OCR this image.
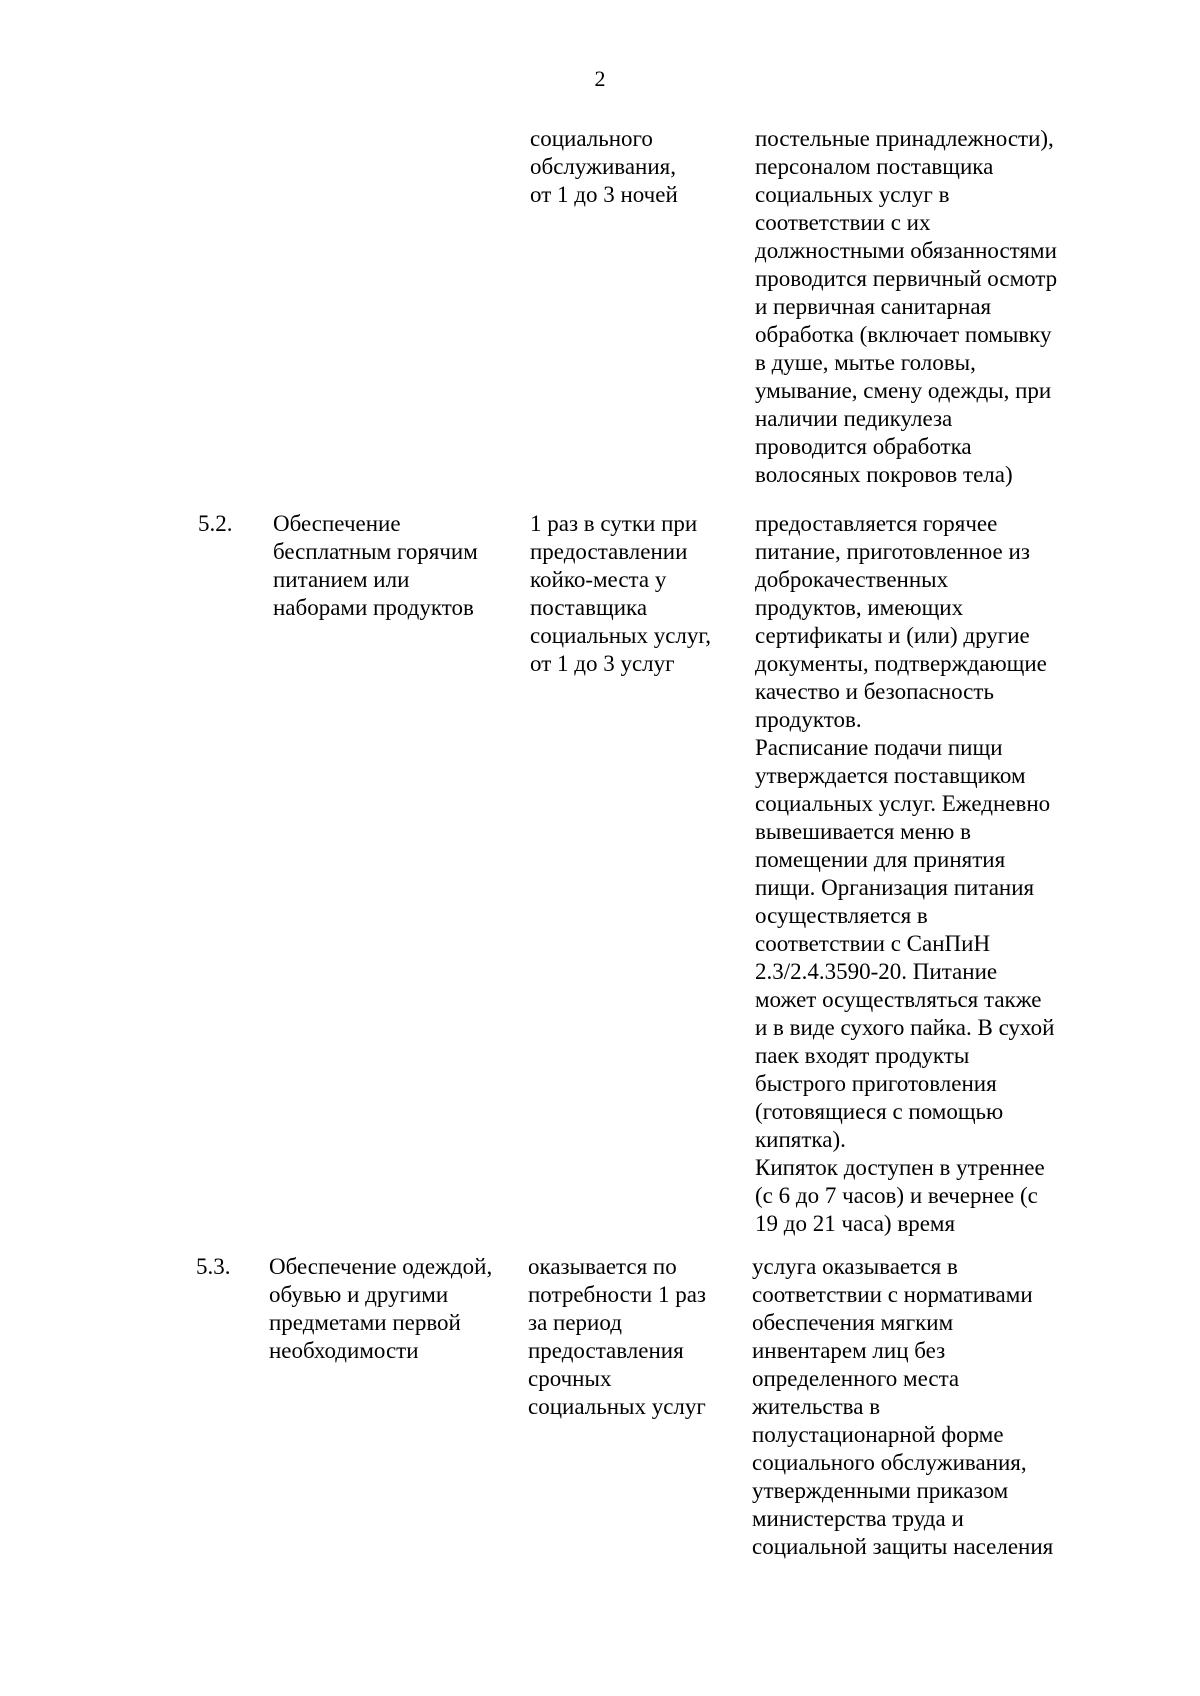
2
социального
обслуживания,
от 1 до 3 ночей
постельные принадлежности),
персоналом поставщика
социальных услуг в
соответствии с их
должностными обязанностями
проводится первичный осмотр
и первичная санитарная
обработка (включает помывку
в душе, мытье головы,
умывание, смену одежды, при
наличии педикулеза
проводится обработка
волосяных покровов тела)
5.2.	Обеспечение
бесплатным горячим
питанием или
наборами продуктов
1 раз в сутки при
предоставлении
койко-места у
поставщика
социальных услуг,
от 1 до 3 услуг
предоставляется горячее
питание, приготовленное из
доброкачественных
продуктов, имеющих
сертификаты и (или) другие
документы, подтверждающие
качество и безопасность
продуктов.
Расписание подачи пищи
утверждается поставщиком
социальных услуг. Ежедневно
вывешивается меню в
помещении для принятия
пищи. Организация питания
осуществляется в
соответствии с СанПиН
2.3/2.4.3590-20. Питание
может осуществляться также
и в виде сухого пайка. В сухой
паек входят продукты
быстрого приготовления
(готовящиеся с помощью
кипятка).
Кипяток доступен в утреннее
(с 6 до 7 часов) и вечернее (с
19 до 21 часа) время
5.3.	Обеспечение одеждой,
обувью и другими
предметами первой
необходимости
оказывается по
потребности 1 раз
за период
предоставления
срочных
социальных услуг
услуга оказывается в
соответствии с нормативами
обеспечения мягким
инвентарем лиц без
определенного места
жительства в
полустационарной форме
социального обслуживания,
утвержденными приказом
министерства труда и
социальной защиты населения
